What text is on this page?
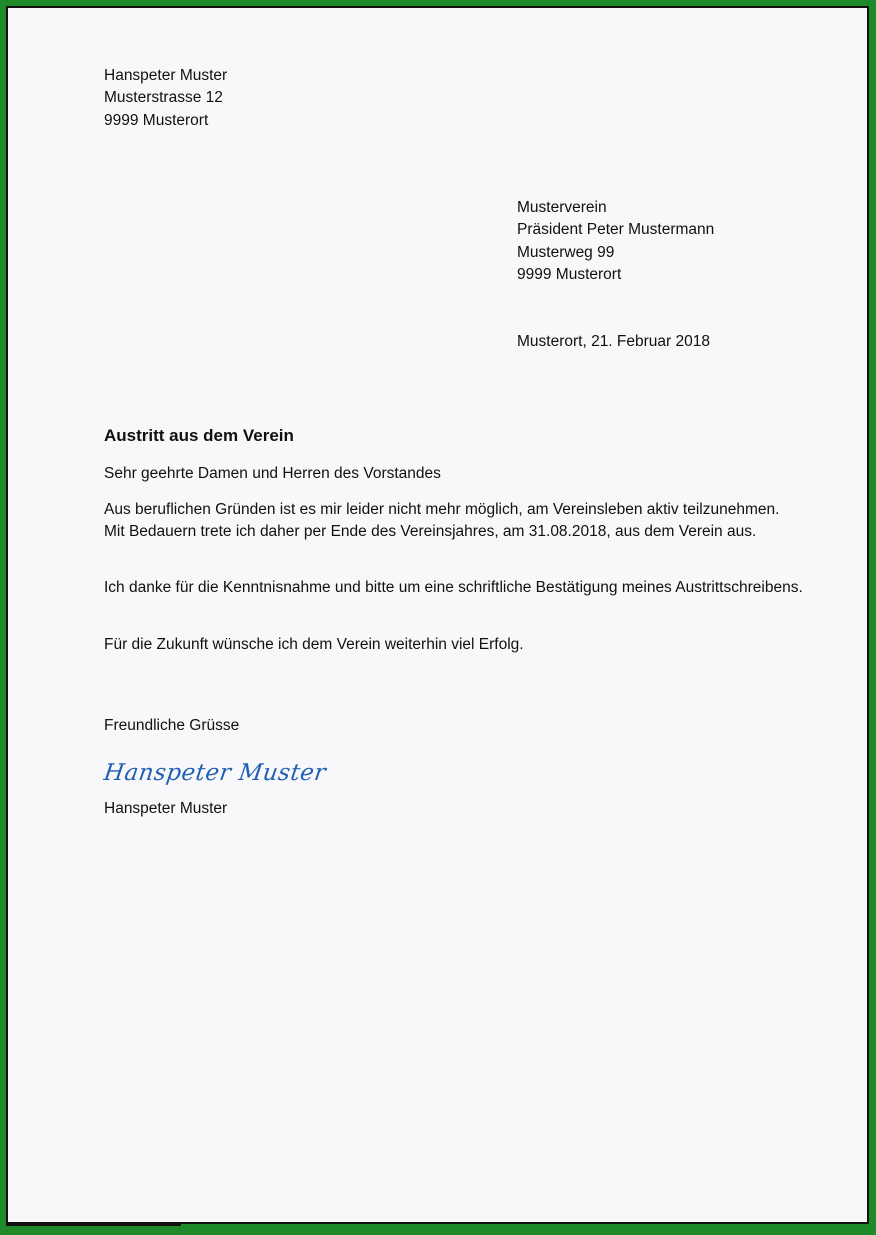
Hanspeter Muster
Musterstrasse 12
9999 Musterort
Musterverein
Präsident Peter Mustermann
Musterweg 99
9999 Musterort
Musterort, 21. Februar 2018
Austritt aus dem Verein
Sehr geehrte Damen und Herren des Vorstandes
Aus beruflichen Gründen ist es mir leider nicht mehr möglich, am Vereinsleben aktiv teilzunehmen. Mit Bedauern trete ich daher per Ende des Vereinsjahres, am 31.08.2018, aus dem Verein aus.
Ich danke für die Kenntnisnahme und bitte um eine schriftliche Bestätigung meines Austrittschreibens.
Für die Zukunft wünsche ich dem Verein weiterhin viel Erfolg.
Freundliche Grüsse
Hanspeter Muster
Hanspeter Muster
